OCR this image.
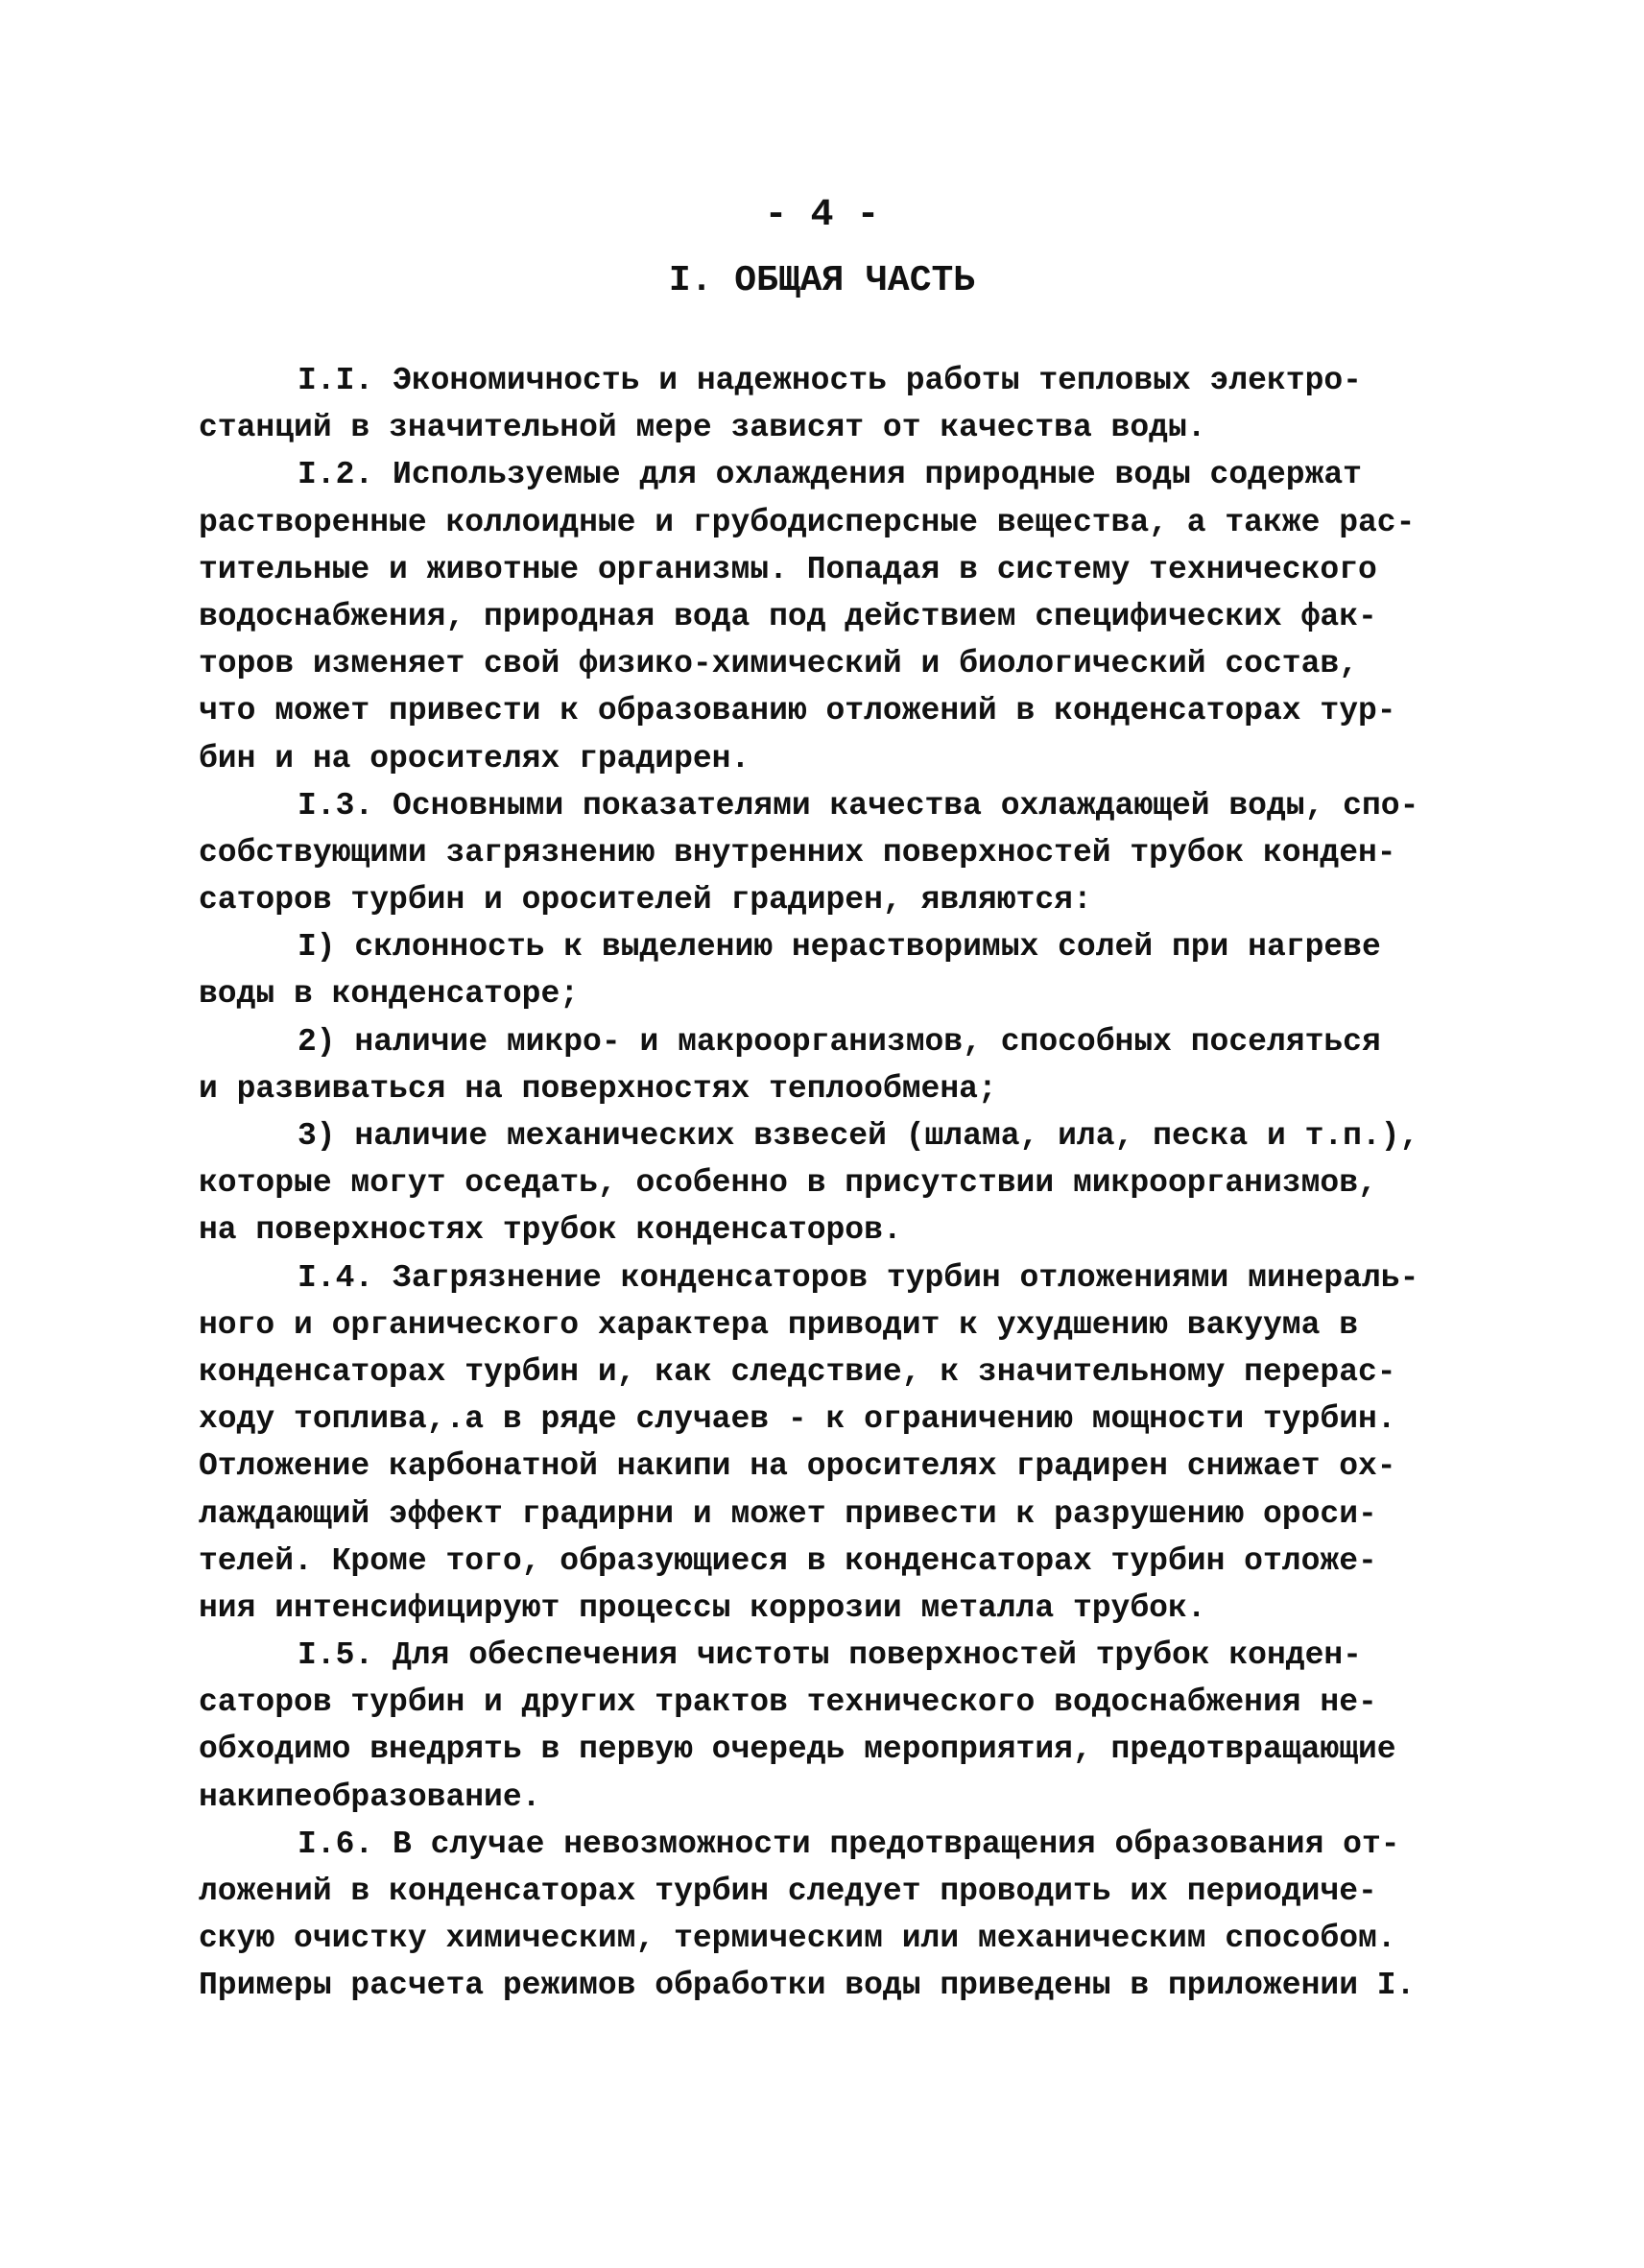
- 4 -
I. ОБЩАЯ ЧАСТЬ
I.I. Экономичность и надежность работы тепловых электро-
станций в значительной мере зависят от качества воды.
I.2. Используемые для охлаждения природные воды содержат
растворенные коллоидные и грубодисперсные вещества, а также рас-
тительные и животные организмы. Попадая в систему технического
водоснабжения, природная вода под действием специфических фак-
торов изменяет свой физико-химический и биологический состав,
что может привести к образованию отложений в конденсаторах тур-
бин и на оросителях градирен.
I.3. Основными показателями качества охлаждающей воды, спо-
собствующими загрязнению внутренних поверхностей трубок конден-
саторов турбин и оросителей градирен, являются:
I) склонность к выделению нерастворимых солей при нагреве
воды в конденсаторе;
2) наличие микро- и макроорганизмов, способных поселяться
и развиваться на поверхностях теплообмена;
3) наличие механических взвесей (шлама, ила, песка и т.п.),
которые могут оседать, особенно в присутствии микроорганизмов,
на поверхностях трубок конденсаторов.
I.4. Загрязнение конденсаторов турбин отложениями минераль-
ного и органического характера приводит к ухудшению вакуума в
конденсаторах турбин и, как следствие, к значительному перерас-
ходу топлива,.а в ряде случаев - к ограничению мощности турбин.
Отложение карбонатной накипи на оросителях градирен снижает ох-
лаждающий эффект градирни и может привести к разрушению ороси-
телей. Кроме того, образующиеся в конденсаторах турбин отложе-
ния интенсифицируют процессы коррозии металла трубок.
I.5. Для обеспечения чистоты поверхностей трубок конден-
саторов турбин и других трактов технического водоснабжения не-
обходимо внедрять в первую очередь мероприятия, предотвращающие
накипеобразование.
I.6. В случае невозможности предотвращения образования от-
ложений в конденсаторах турбин следует проводить их периодиче-
скую очистку химическим, термическим или механическим способом.
Примеры расчета режимов обработки воды приведены в приложении I.
